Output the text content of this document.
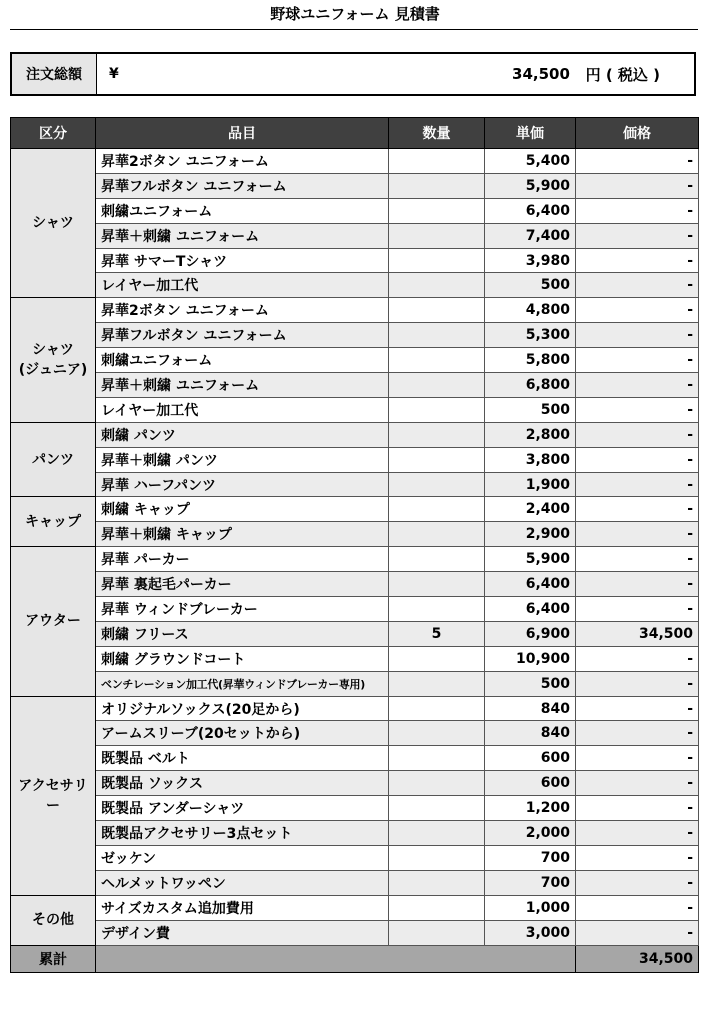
野球ユニフォーム 見積書
注文総額	¥	34,500
円 ( 税込 )
区分	品目	数量	単価	価格
シャツ	昇華2ボタン ユニフォーム		5,400	-
	昇華フルボタン ユニフォーム		5,900	-
	刺繍ユニフォーム		6,400	-
	昇華＋刺繍 ユニフォーム		7,400	-
	昇華 サマーTシャツ		3,980	-
	レイヤー加工代		500	-
シャツ
(ジュニア)	昇華2ボタン ユニフォーム		4,800	-
	昇華フルボタン ユニフォーム		5,300	-
	刺繍ユニフォーム		5,800	-
	昇華＋刺繍 ユニフォーム		6,800	-
	レイヤー加工代		500	-
パンツ	刺繍 パンツ		2,800	-
	昇華＋刺繍 パンツ		3,800	-
	昇華 ハーフパンツ		1,900	-
キャップ	刺繍 キャップ		2,400	-
	昇華＋刺繍 キャップ		2,900	-
アウター	昇華 パーカー		5,900	-
	昇華 裏起毛パーカー		6,400	-
	昇華 ウィンドブレーカー		6,400	-
	刺繍 フリース	5	6,900	34,500
	刺繍 グラウンドコート		10,900	-
	ベンチレーション加工代(昇華ウィンドブレーカー専用)		500	-
アクセサリー	オリジナルソックス(20足から)		840	-
	アームスリーブ(20セットから)		840	-
	既製品 ベルト		600	-
	既製品 ソックス		600	-
	既製品 アンダーシャツ		1,200	-
	既製品アクセサリー3点セット		2,000	-
	ゼッケン		700	-
	ヘルメットワッペン		700	-
その他	サイズカスタム追加費用		1,000	-
	デザイン費		3,000	-
累計				34,500
